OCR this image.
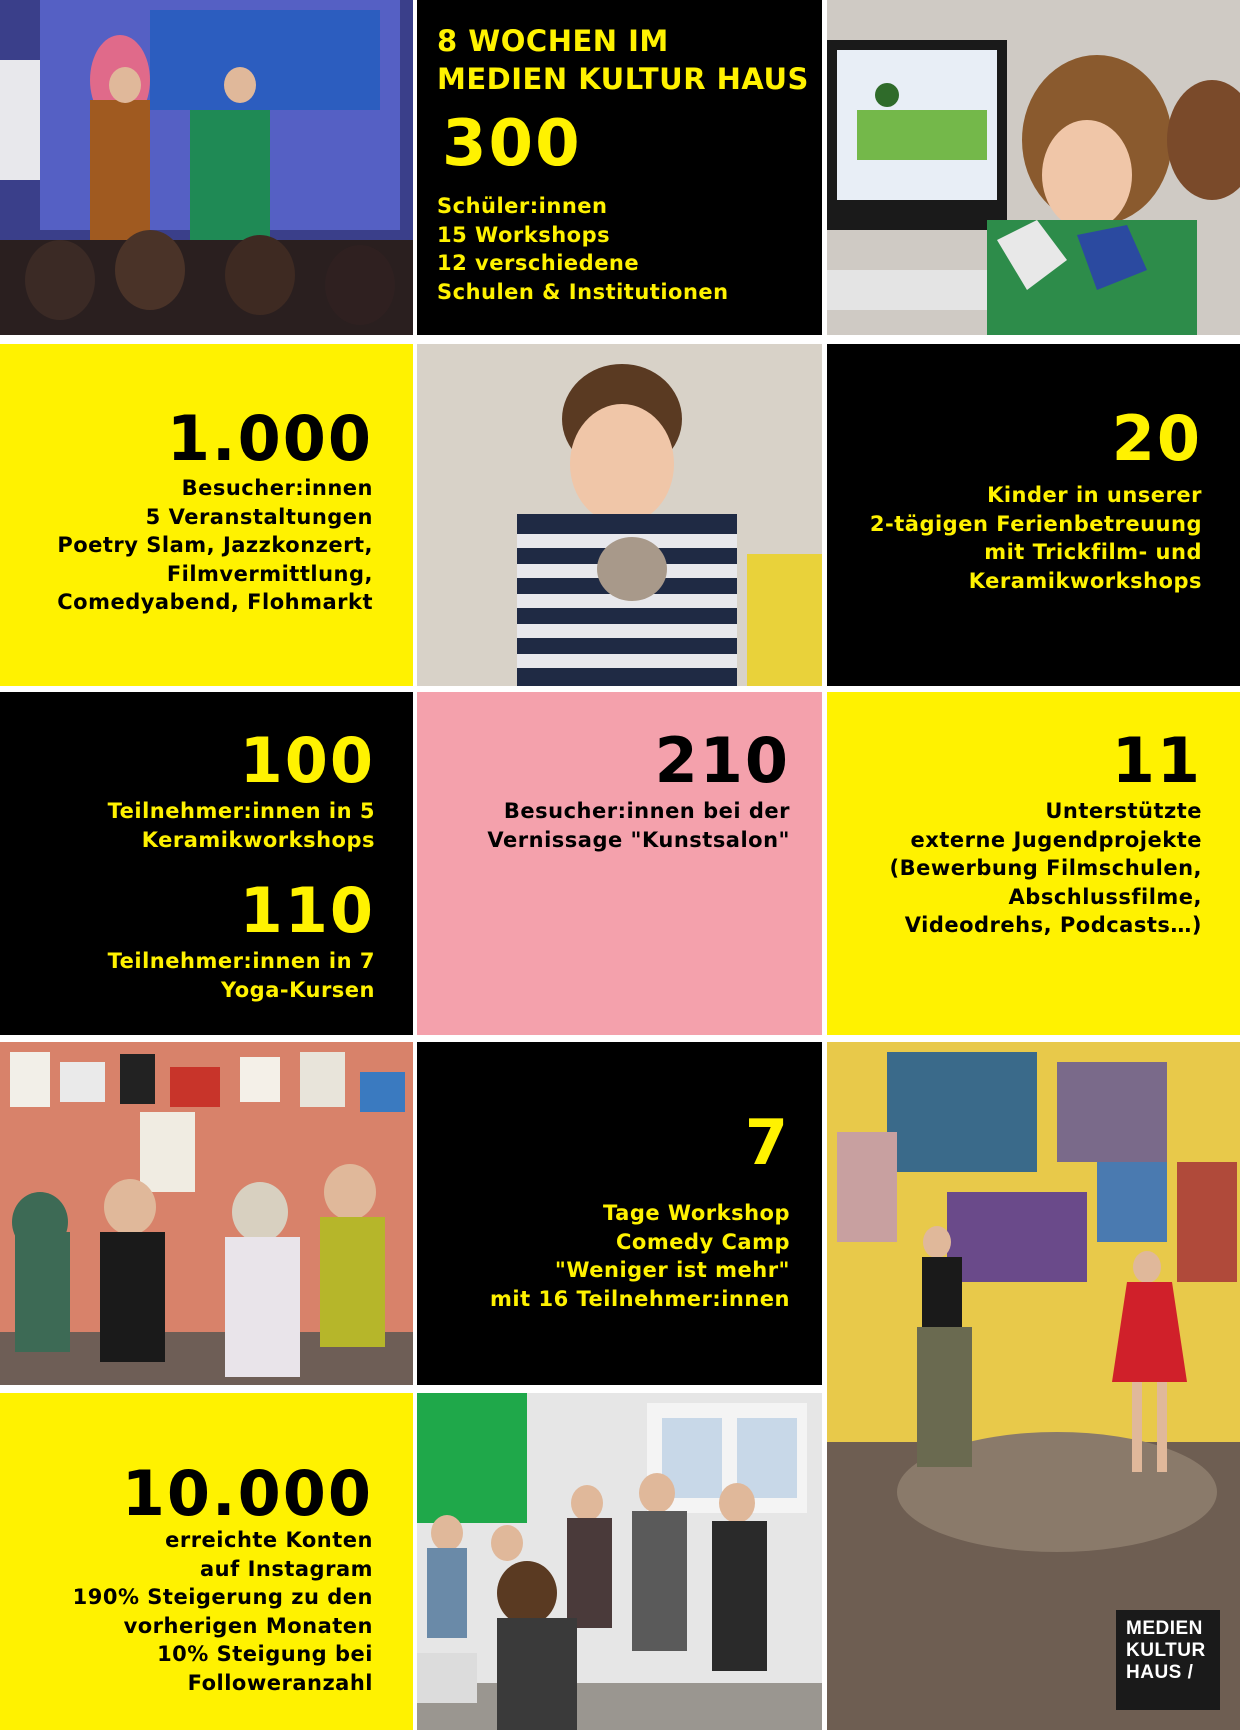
8 WOCHEN IM
MEDIEN KULTUR HAUS
300
Schüler:innen
15 Workshops
12 verschiedene
Schulen & Institutionen
1.000
Besucher:innen
5 Veranstaltungen
Poetry Slam, Jazzkonzert,
Filmvermittlung,
Comedyabend, Flohmarkt
20
Kinder in unserer
2-tägigen Ferienbetreuung
mit Trickfilm- und
Keramikworkshops
100
Teilnehmer:innen in 5
Keramikworkshops
110
Teilnehmer:innen in 7
Yoga-Kursen
210
Besucher:innen bei der
Vernissage "Kunstsalon"
11
Unterstützte
externe Jugendprojekte
(Bewerbung Filmschulen,
Abschlussfilme,
Videodrehs, Podcasts…)
7
Tage Workshop
Comedy Camp
"Weniger ist mehr"
mit 16 Teilnehmer:innen
MEDIEN
KULTUR
HAUS /
10.000
erreichte Konten
auf Instagram
190% Steigerung zu den
vorherigen Monaten
10% Steigung bei
Followeranzahl
